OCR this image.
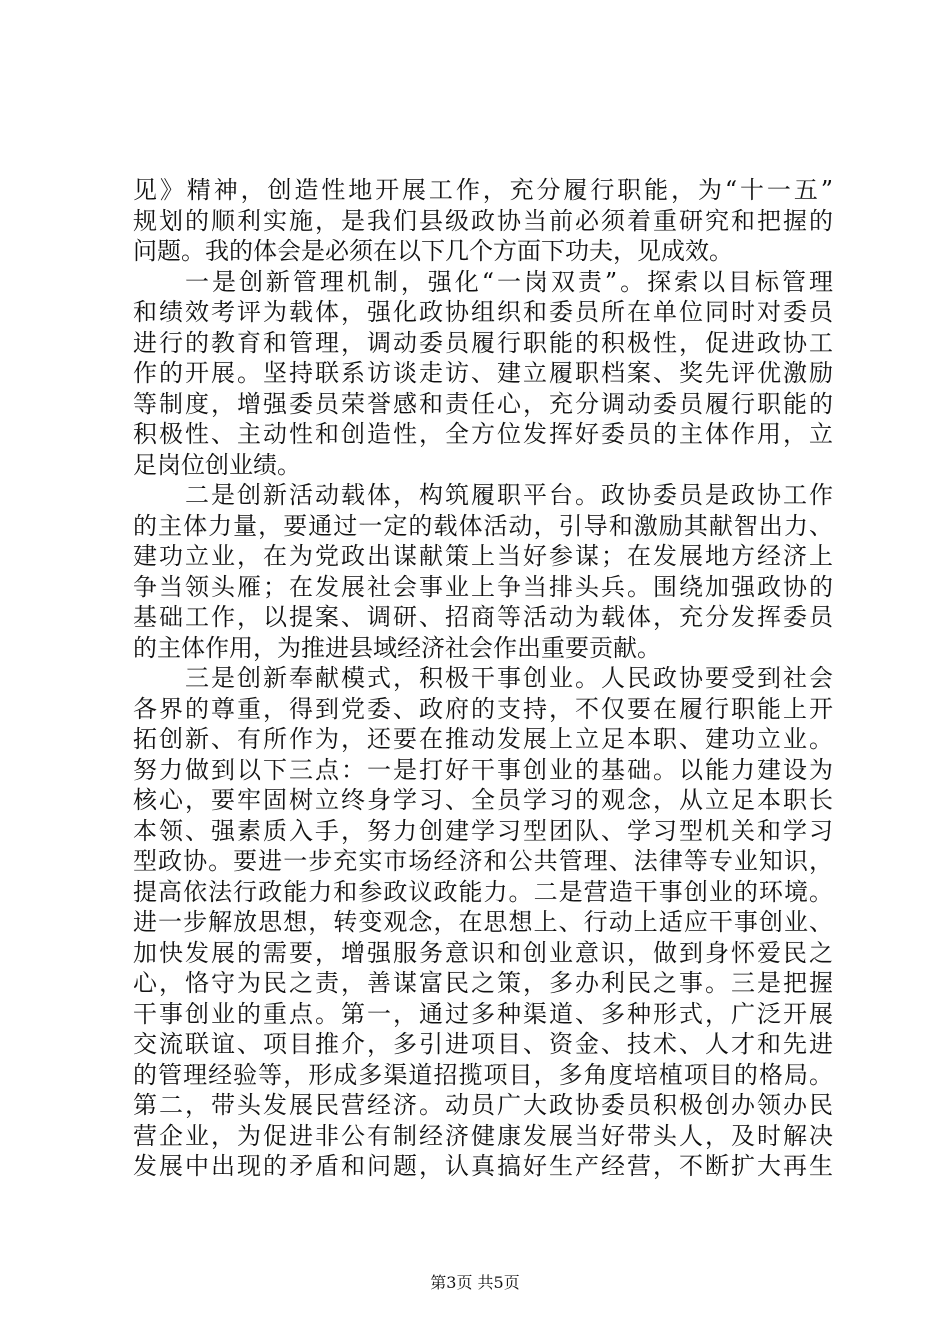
见》精神，创造性地开展工作，充分履行职能，为“十一五”
规划的顺利实施，是我们县级政协当前必须着重研究和把握的
问题。我的体会是必须在以下几个方面下功夫，见成效。
一是创新管理机制，强化“一岗双责”。探索以目标管理
和绩效考评为载体，强化政协组织和委员所在单位同时对委员
进行的教育和管理，调动委员履行职能的积极性，促进政协工
作的开展。坚持联系访谈走访、建立履职档案、奖先评优激励
等制度，增强委员荣誉感和责任心，充分调动委员履行职能的
积极性、主动性和创造性，全方位发挥好委员的主体作用，立
足岗位创业绩。
二是创新活动载体，构筑履职平台。政协委员是政协工作
的主体力量，要通过一定的载体活动，引导和激励其献智出力、
建功立业，在为党政出谋献策上当好参谋；在发展地方经济上
争当领头雁；在发展社会事业上争当排头兵。围绕加强政协的
基础工作，以提案、调研、招商等活动为载体，充分发挥委员
的主体作用，为推进县域经济社会作出重要贡献。
三是创新奉献模式，积极干事创业。人民政协要受到社会
各界的尊重，得到党委、政府的支持，不仅要在履行职能上开
拓创新、有所作为，还要在推动发展上立足本职、建功立业。
努力做到以下三点：一是打好干事创业的基础。以能力建设为
核心，要牢固树立终身学习、全员学习的观念，从立足本职长
本领、强素质入手，努力创建学习型团队、学习型机关和学习
型政协。要进一步充实市场经济和公共管理、法律等专业知识，
提高依法行政能力和参政议政能力。二是营造干事创业的环境。
进一步解放思想，转变观念，在思想上、行动上适应干事创业、
加快发展的需要，增强服务意识和创业意识，做到身怀爱民之
心，恪守为民之责，善谋富民之策，多办利民之事。三是把握
干事创业的重点。第一，通过多种渠道、多种形式，广泛开展
交流联谊、项目推介，多引进项目、资金、技术、人才和先进
的管理经验等，形成多渠道招揽项目，多角度培植项目的格局。
第二，带头发展民营经济。动员广大政协委员积极创办领办民
营企业，为促进非公有制经济健康发展当好带头人，及时解决
发展中出现的矛盾和问题，认真搞好生产经营，不断扩大再生
第3页 共5页
